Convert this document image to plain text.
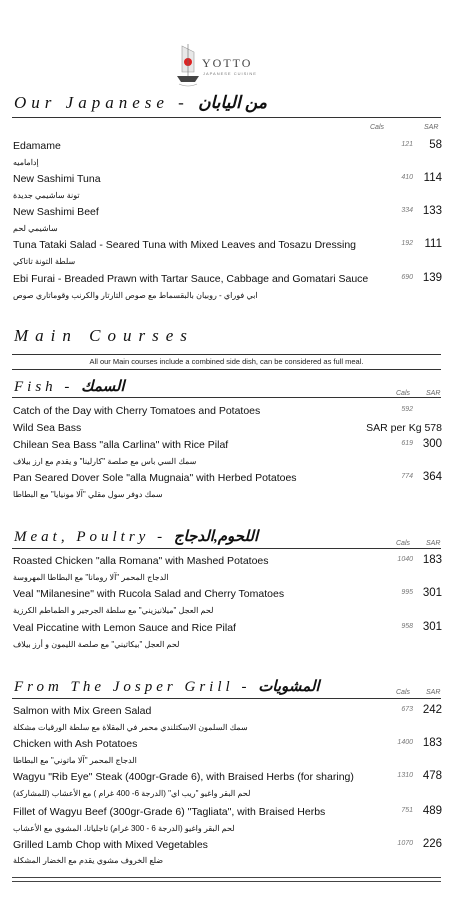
YOTTO
JAPANESE CUISINE
Our Japanese - من اليابان
Cals	SAR
Edamame	121	58
إداماميه
New Sashimi Tuna	410 114
تونة ساشيمي جديدة
New Sashimi Beef	334 133
ساشيمي لحم
Tuna Tataki Salad - Seared Tuna with Mixed Leaves and Tosazu Dressing	192	111
سلطة التونة تاتاكي
Ebi Furai - Breaded Prawn with Tartar Sauce, Cabbage and Gomatari Sauce	690 139
ابي فوراي - روبيان بالبقسماط مع صوص التارتار والكرنب وقوماتاري صوص
Main Courses
All our Main courses include a combined side dish, can be considered as full meal.
Fish - السمك	Cals SAR
Catch of the Day with Cherry Tomatoes and Potatoes	592
Wild Sea Bass	SAR per Kg 578
Chilean Sea Bass "alla Carlina" with Rice Pilaf	619 300
سمك السي باس مع صلصة "كارلينا" و يقدم مع ارز بيلاف
Pan Seared Dover Sole "alla Mugnaia" with Herbed Potatoes	774 364
سمك دوفر سول مقلي "آلا مونيايا" مع البطاطا
Meat, Poultry - اللحوم,الدجاج	Cals SAR
Roasted Chicken "alla Romana" with Mashed Potatoes	1040 183
الدجاج المحمر "آلا رومانا" مع البطاطا المهروسة
Veal "Milanesine" with Rucola Salad and Cherry Tomatoes	995 301
لحم العجل "ميلانيزيني" مع سلطة الجرجير و الطماطم الكرزية
Veal Piccatine with Lemon Sauce and Rice Pilaf	958 301
لحم العجل "بيكاتيني" مع صلصة الليمون و أرز بيلاف
From The Josper Grill - المشويات	Cals SAR
Salmon with Mix Green Salad	673 242
سمك السلمون الاسكتلندي محمر في المقلاة مع سلطة الورقيات مشكلة
Chicken with Ash Potatoes	1400 183
الدجاج المحمر "آلا ماتوني" مع البطاطا
Wagyu "Rib Eye" Steak (400gr-Grade 6), with Braised Herbs (for sharing)	1310 478
لحم البقر واغيو "ريب اي" (الدرجة 6- 400 غرام ) مع الأعشاب (للمشاركة)
Fillet of Wagyu Beef (300gr-Grade 6) "Tagliata", with Braised Herbs	751 489
لحم البقر واغيو (الدرجة 6 - 300 غرام) تاجلياتا، المشوي مع الأعشاب
Grilled Lamb Chop with Mixed Vegetables	1070 226
ضلع الخروف مشوي يقدم مع الخضار المشكلة
